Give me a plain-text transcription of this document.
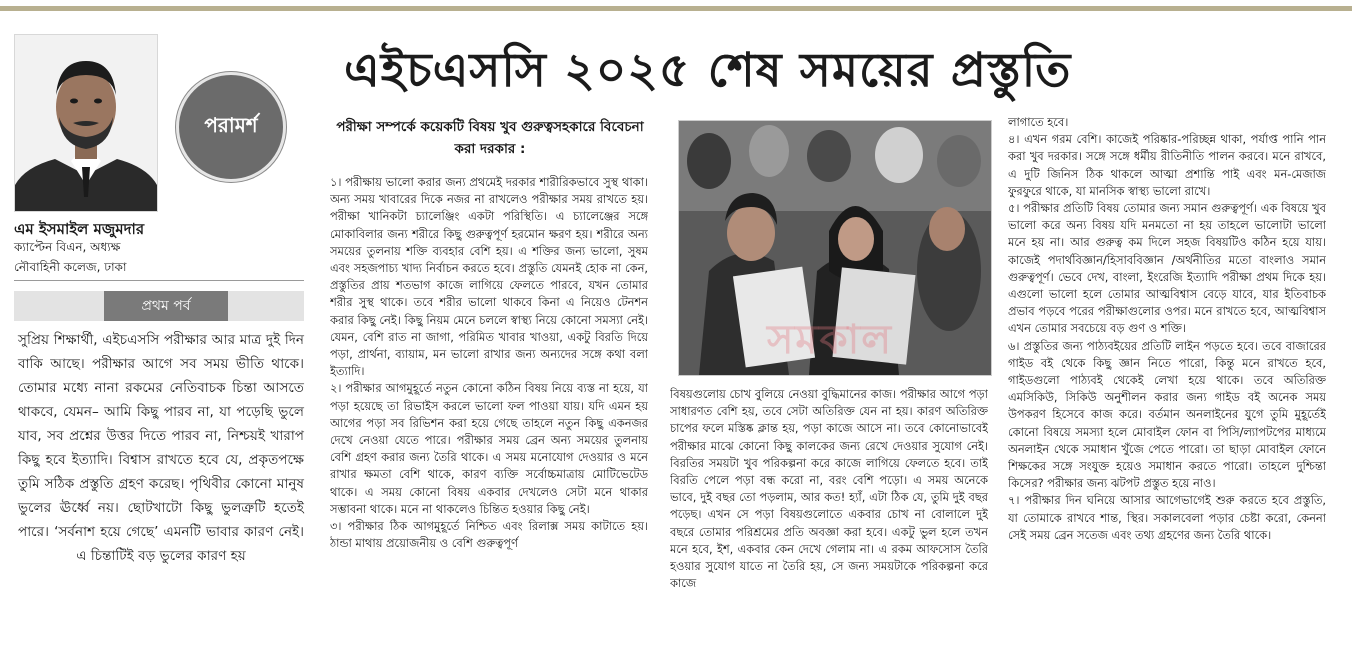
পরামর্শ
এম ইসমাইল মজুমদার
ক্যাপ্টেন বিএন, অধ্যক্ষ
নৌবাহিনী কলেজ, ঢাকা
প্রথম পর্ব
সুপ্রিয় শিক্ষার্থী, এইচএসসি পরীক্ষার আর মাত্র দুই দিন বাকি আছে। পরীক্ষার আগে সব সময় ভীতি থাকে। তোমার মধ্যে নানা রকমের নেতিবাচক চিন্তা আসতে থাকবে, যেমন– আমি কিছু পারব না, যা পড়েছি ভুলে যাব, সব প্রশ্নের উত্তর দিতে পারব না, নিশ্চয়ই খারাপ কিছু হবে ইত্যাদি। বিশ্বাস রাখতে হবে যে, প্রকৃতপক্ষে তুমি সঠিক প্রস্তুতি গ্রহণ করেছ। পৃথিবীর কোনো মানুষ ভুলের ঊর্ধ্বে নয়। ছোটখাটো কিছু ভুলত্রুটি হতেই পারে। ‘সর্বনাশ হয়ে গেছে’ এমনটি ভাবার কারণ নেই। এ চিন্তাটিই বড় ভুলের কারণ হয়
এইচএসসি ২০২৫ শেষ সময়ের প্রস্তুতি
পরীক্ষা সম্পর্কে কয়েকটি বিষয় খুব গুরুত্বসহকারে বিবেচনা করা দরকার :

১। পরীক্ষায় ভালো করার জন্য প্রথমেই দরকার শারীরিকভাবে সুস্থ থাকা। অন্য সময় খাবারের দিকে নজর না রাখলেও পরীক্ষার সময় রাখতে হয়। পরীক্ষা খানিকটা চ্যালেঞ্জিং একটা পরিস্থিতি। এ চ্যালেঞ্জের সঙ্গে মোকাবিলার জন্য শরীরে কিছু গুরুত্বপূর্ণ হরমোন ক্ষরণ হয়। শরীরে অন্য সময়ের তুলনায় শক্তি ব্যবহার বেশি হয়। এ শক্তির জন্য ভালো, সুষম এবং সহজপাচ্য খাদ্য নির্বাচন করতে হবে। প্রস্তুতি যেমনই হোক না কেন, প্রস্তুতির প্রায় শতভাগ কাজে লাগিয়ে ফেলতে পারবে, যখন তোমার শরীর সুস্থ থাকে। তবে শরীর ভালো থাকবে কিনা এ নিয়েও টেনশন করার কিছু নেই। কিছু নিয়ম মেনে চললে স্বাস্থ্য নিয়ে কোনো সমস্যা নেই। যেমন, বেশি রাত না জাগা, পরিমিত খাবার খাওয়া, একটু বিরতি দিয়ে পড়া, প্রার্থনা, ব্যায়াম, মন ভালো রাখার জন্য অন্যদের সঙ্গে কথা বলা ইত্যাদি।

২। পরীক্ষার আগমুহূর্তে নতুন কোনো কঠিন বিষয় নিয়ে ব্যস্ত না হয়ে, যা পড়া হয়েছে তা রিভাইস করলে ভালো ফল পাওয়া যায়। যদি এমন হয় আগের পড়া সব রিভিশন করা হয়ে গেছে তাহলে নতুন কিছু একনজর দেখে নেওয়া যেতে পারে। পরীক্ষার সময় ব্রেন অন্য সময়ের তুলনায় বেশি গ্রহণ করার জন্য তৈরি থাকে। এ সময় মনোযোগ দেওয়ার ও মনে রাখার ক্ষমতা বেশি থাকে, কারণ ব্যক্তি সর্বোচ্চমাত্রায় মোটিভেটেড থাকে। এ সময় কোনো বিষয় একবার দেখলেও সেটা মনে থাকার সম্ভাবনা থাকে। মনে না থাকলেও চিন্তিত হওয়ার কিছু নেই।

৩। পরীক্ষার ঠিক আগমুহূর্তে নিশ্চিত এবং রিলাক্স সময় কাটাতে হয়। ঠান্ডা মাথায় প্রয়োজনীয় ও বেশি গুরুত্বপূর্ণ

সমকাল

বিষয়গুলোয় চোখ বুলিয়ে নেওয়া বুদ্ধিমানের কাজ। পরীক্ষার আগে পড়া সাধারণত বেশি হয়, তবে সেটা অতিরিক্ত যেন না হয়। কারণ অতিরিক্ত চাপের ফলে মস্তিষ্ক ক্লান্ত হয়, পড়া কাজে আসে না। তবে কোনোভাবেই পরীক্ষার মাঝে কোনো কিছু কালকের জন্য রেখে দেওয়ার সুযোগ নেই। বিরতির সময়টা খুব পরিকল্পনা করে কাজে লাগিয়ে ফেলতে হবে। তাই বিরতি পেলে পড়া বন্ধ করো না, বরং বেশি পড়ো। এ সময় অনেকে ভাবে, দুই বছর তো পড়লাম, আর কত! হ্যাঁ, এটা ঠিক যে, তুমি দুই বছর পড়েছ। এখন সে পড়া বিষয়গুলোতে একবার চোখ না বোলালে দুই বছরে তোমার পরিশ্রমের প্রতি অবজ্ঞা করা হবে। একটু ভুল হলে তখন মনে হবে, ইশ, একবার কেন দেখে গেলাম না। এ রকম আফসোস তৈরি হওয়ার সুযোগ যাতে না তৈরি হয়, সে জন্য সময়টাকে পরিকল্পনা করে কাজে

লাগাতে হবে।

৪। এখন গরম বেশি। কাজেই পরিষ্কার-পরিচ্ছন্ন থাকা, পর্যাপ্ত পানি পান করা খুব দরকার। সঙ্গে সঙ্গে ধর্মীয় রীতিনীতি পালন করবে। মনে রাখবে, এ দুটি জিনিস ঠিক থাকলে আত্মা প্রশান্তি পাই এবং মন-মেজাজ ফুরফুরে থাকে, যা মানসিক স্বাস্থ্য ভালো রাখে।

৫। পরীক্ষার প্রতিটি বিষয় তোমার জন্য সমান গুরুত্বপূর্ণ। এক বিষয়ে খুব ভালো করে অন্য বিষয় যদি মনমতো না হয় তাহলে ভালোটা ভালো মনে হয় না। আর গুরুত্ব কম দিলে সহজ বিষয়টিও কঠিন হয়ে যায়। কাজেই পদার্থবিজ্ঞান/হিসাববিজ্ঞান /অর্থনীতির মতো বাংলাও সমান গুরুত্বপূর্ণ। ভেবে দেখ, বাংলা, ইংরেজি ইত্যাদি পরীক্ষা প্রথম দিকে হয়। এগুলো ভালো হলে তোমার আত্মবিশ্বাস বেড়ে যাবে, যার ইতিবাচক প্রভাব পড়বে পরের পরীক্ষাগুলোর ওপর। মনে রাখতে হবে, আত্মবিশ্বাস এখন তোমার সবচেয়ে বড় গুণ ও শক্তি।

৬। প্রস্তুতির জন্য পাঠ্যবইয়ের প্রতিটি লাইন পড়তে হবে। তবে বাজারের গাইড বই থেকে কিছু জ্ঞান নিতে পারো, কিন্তু মনে রাখতে হবে, গাইডগুলো পাঠ্যবই থেকেই লেখা হয়ে থাকে। তবে অতিরিক্ত এমসিকিউ, সিকিউ অনুশীলন করার জন্য গাইড বই অনেক সময় উপকরণ হিসেবে কাজ করে। বর্তমান অনলাইনের যুগে তুমি মুহূর্তেই কোনো বিষয়ে সমস্যা হলে মোবাইল ফোন বা পিসি/ল্যাপটপের মাধ্যমে অনলাইন থেকে সমাধান খুঁজে পেতে পারো। তা ছাড়া মোবাইল ফোনে শিক্ষকের সঙ্গে সংযুক্ত হয়েও সমাধান করতে পারো। তাহলে দুশ্চিন্তা কিসের? পরীক্ষার জন্য ঝটপট প্রস্তুত হয়ে নাও।

৭। পরীক্ষার দিন ঘনিয়ে আসার আগেভাগেই শুরু করতে হবে প্রস্তুতি, যা তোমাকে রাখবে শান্ত, স্থির। সকালবেলা পড়ার চেষ্টা করো, কেননা সেই সময় ব্রেন সতেজ এবং তথ্য গ্রহণের জন্য তৈরি থাকে।
